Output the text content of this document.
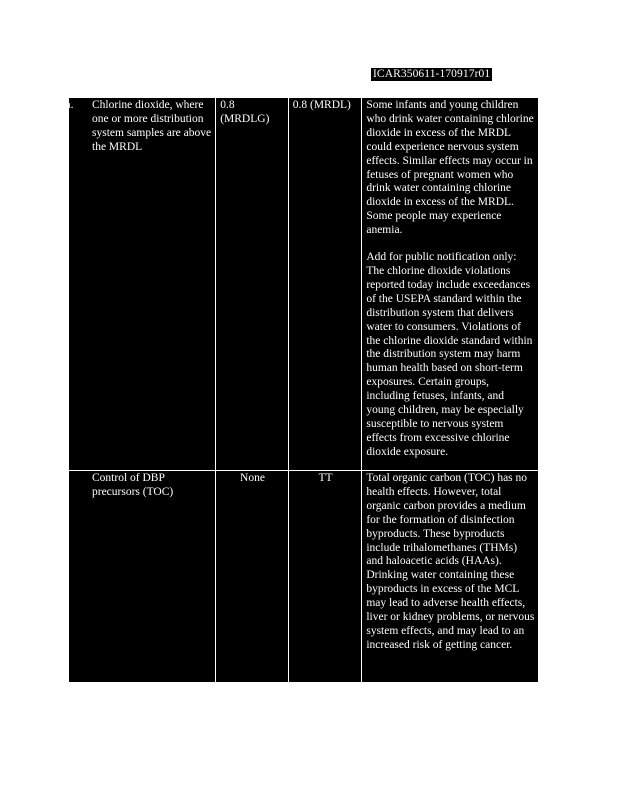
ICAR350611-170917r01
86a. Chlorine dioxide, where one or more distribution system samples are above the MRDL	0.8 (MRDLG)	0.8 (MRDL)	Some infants and young children who drink water containing chlorine dioxide in excess of the MRDL could experience nervous system effects. Similar effects may occur in fetuses of pregnant women who drink water containing chlorine dioxide in excess of the MRDL. Some people may experience anemia.
Add for public notification only: The chlorine dioxide violations reported today include exceedances of the USEPA standard within the distribution system that delivers water to consumers. Violations of the chlorine dioxide standard within the distribution system may harm human health based on short-term exposures. Certain groups, including fetuses, infants, and young children, may be especially susceptible to nervous system effects from excessive chlorine dioxide exposure.

87. Control of DBP precursors (TOC)	None	TT	Total organic carbon (TOC) has no health effects. However, total organic carbon provides a medium for the formation of disinfection byproducts. These byproducts include trihalomethanes (THMs) and haloacetic acids (HAAs). Drinking water containing these byproducts in excess of the MCL may lead to adverse health effects, liver or kidney problems, or nervous system effects, and may lead to an increased risk of getting cancer.
